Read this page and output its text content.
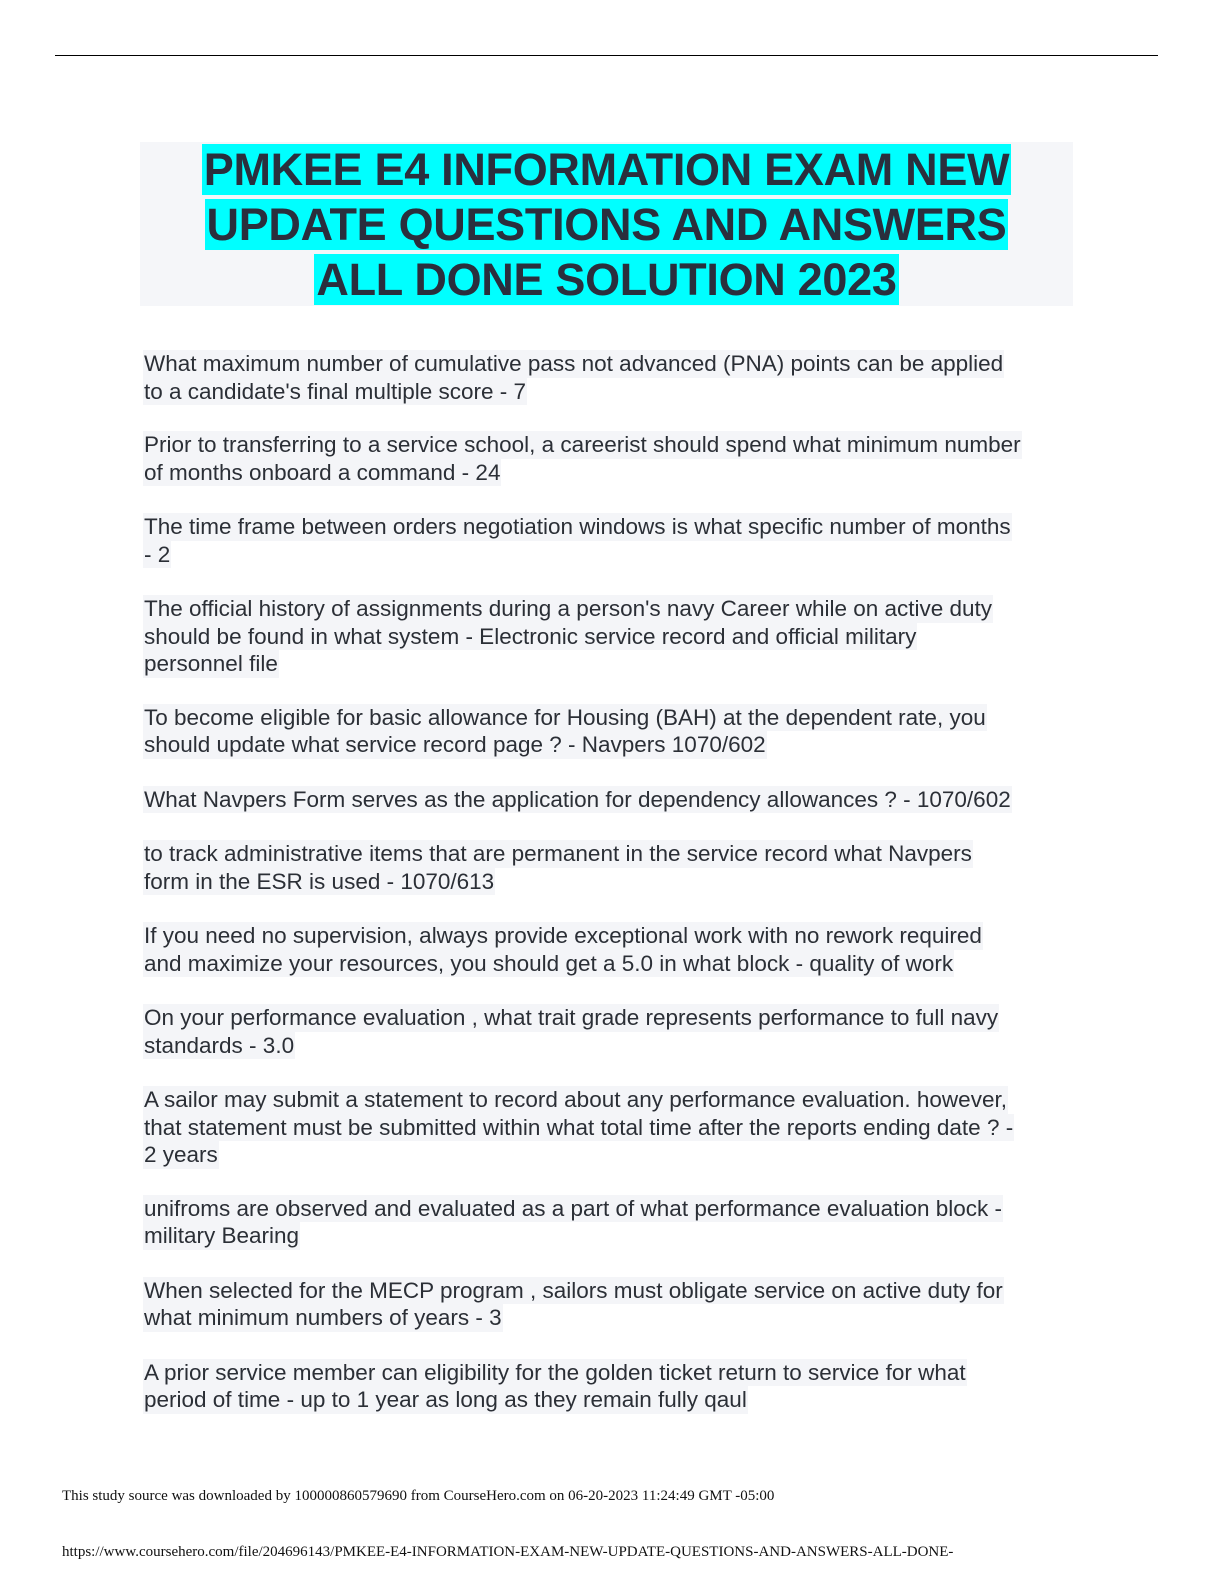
PMKEE E4 INFORMATION EXAM NEW
UPDATE QUESTIONS AND ANSWERS
ALL DONE SOLUTION 2023
What maximum number of cumulative pass not advanced (PNA) points can be applied
to a candidate's final multiple score - 7
Prior to transferring to a service school, a careerist should spend what minimum number
of months onboard a command - 24
The time frame between orders negotiation windows is what specific number of months
- 2
The official history of assignments during a person's navy Career while on active duty
should be found in what system - Electronic service record and official military
personnel file
To become eligible for basic allowance for Housing (BAH) at the dependent rate, you
should update what service record page ? - Navpers 1070/602
What Navpers Form serves as the application for dependency allowances ? - 1070/602
to track administrative items that are permanent in the service record what Navpers
form in the ESR is used - 1070/613
If you need no supervision, always provide exceptional work with no rework required
and maximize your resources, you should get a 5.0 in what block - quality of work
On your performance evaluation , what trait grade represents performance to full navy
standards - 3.0
A sailor may submit a statement to record about any performance evaluation. however,
that statement must be submitted within what total time after the reports ending date ? -
2 years
unifroms are observed and evaluated as a part of what performance evaluation block -
military Bearing
When selected for the MECP program , sailors must obligate service on active duty for
what minimum numbers of years - 3
A prior service member can eligibility for the golden ticket return to service for what
period of time - up to 1 year as long as they remain fully qaul
This study source was downloaded by 100000860579690 from CourseHero.com on 06-20-2023 11:24:49 GMT -05:00
https://www.coursehero.com/file/204696143/PMKEE-E4-INFORMATION-EXAM-NEW-UPDATE-QUESTIONS-AND-ANSWERS-ALL-DONE-
